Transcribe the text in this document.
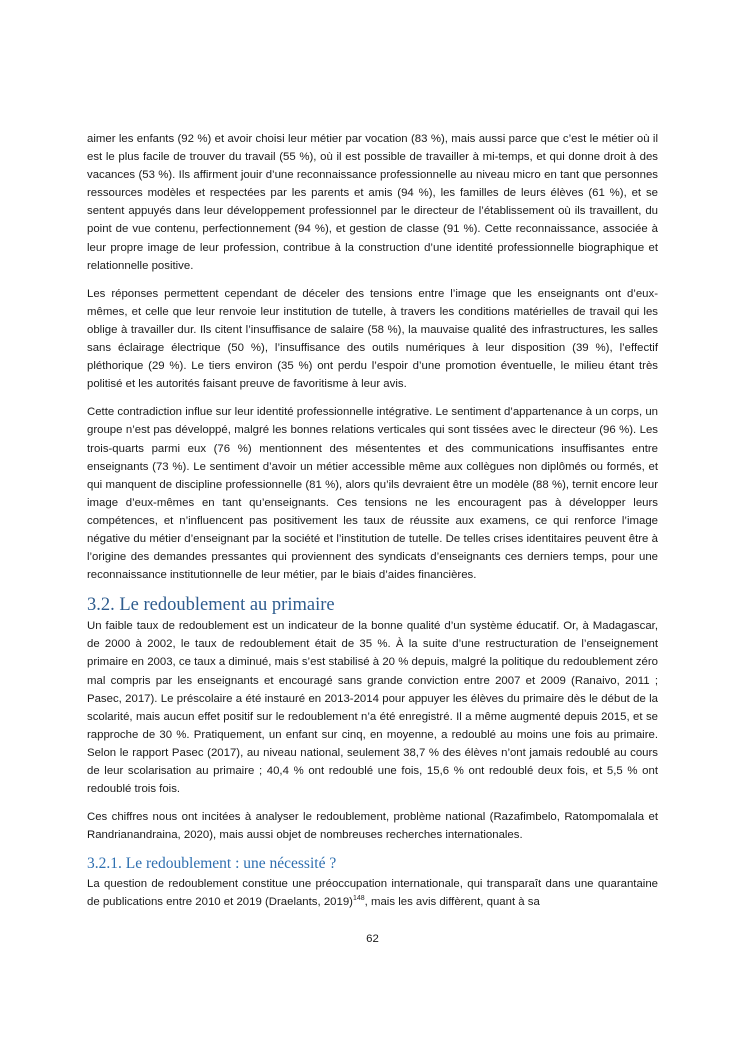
aimer les enfants (92 %) et avoir choisi leur métier par vocation (83 %), mais aussi parce que c’est le métier où il est le plus facile de trouver du travail (55 %), où il est possible de travailler à mi-temps, et qui donne droit à des vacances (53 %). Ils affirment jouir d’une reconnaissance professionnelle au niveau micro en tant que personnes ressources modèles et respectées par les parents et amis (94 %), les familles de leurs élèves (61 %), et se sentent appuyés dans leur développement professionnel par le directeur de l’établissement où ils travaillent, du point de vue contenu, perfectionnement (94 %), et gestion de classe (91 %). Cette reconnaissance, associée à leur propre image de leur profession, contribue à la construction d’une identité professionnelle biographique et relationnelle positive.

Les réponses permettent cependant de déceler des tensions entre l’image que les enseignants ont d’eux-mêmes, et celle que leur renvoie leur institution de tutelle, à travers les conditions matérielles de travail qui les oblige à travailler dur. Ils citent l’insuffisance de salaire (58 %), la mauvaise qualité des infrastructures, les salles sans éclairage électrique (50 %), l’insuffisance des outils numériques à leur disposition (39 %), l’effectif pléthorique (29 %). Le tiers environ (35 %) ont perdu l’espoir d’une promotion éventuelle, le milieu étant très politisé et les autorités faisant preuve de favoritisme à leur avis.

Cette contradiction influe sur leur identité professionnelle intégrative. Le sentiment d’appartenance à un corps, un groupe n’est pas développé, malgré les bonnes relations verticales qui sont tissées avec le directeur (96 %). Les trois-quarts parmi eux (76 %) mentionnent des mésententes et des communications insuffisantes entre enseignants (73 %). Le sentiment d’avoir un métier accessible même aux collègues non diplômés ou formés, et qui manquent de discipline professionnelle (81 %), alors qu’ils devraient être un modèle (88 %), ternit encore leur image d’eux-mêmes en tant qu’enseignants. Ces tensions ne les encouragent pas à développer leurs compétences, et n’influencent pas positivement les taux de réussite aux examens, ce qui renforce l’image négative du métier d’enseignant par la société et l’institution de tutelle. De telles crises identitaires peuvent être à l’origine des demandes pressantes qui proviennent des syndicats d’enseignants ces derniers temps, pour une reconnaissance institutionnelle de leur métier, par le biais d’aides financières.

3.2. Le redoublement au primaire

Un faible taux de redoublement est un indicateur de la bonne qualité d’un système éducatif. Or, à Madagascar, de 2000 à 2002, le taux de redoublement était de 35 %. À la suite d’une restructuration de l’enseignement primaire en 2003, ce taux a diminué, mais s’est stabilisé à 20 % depuis, malgré la politique du redoublement zéro mal compris par les enseignants et encouragé sans grande conviction entre 2007 et 2009 (Ranaivo, 2011 ; Pasec, 2017). Le préscolaire a été instauré en 2013-2014 pour appuyer les élèves du primaire dès le début de la scolarité, mais aucun effet positif sur le redoublement n’a été enregistré. Il a même augmenté depuis 2015, et se rapproche de 30 %. Pratiquement, un enfant sur cinq, en moyenne, a redoublé au moins une fois au primaire. Selon le rapport Pasec (2017), au niveau national, seulement 38,7 % des élèves n’ont jamais redoublé au cours de leur scolarisation au primaire ; 40,4 % ont redoublé une fois, 15,6 % ont redoublé deux fois, et 5,5 % ont redoublé trois fois.

Ces chiffres nous ont incitées à analyser le redoublement, problème national (Razafimbelo, Ratompomalala et Randrianandraina, 2020), mais aussi objet de nombreuses recherches internationales.

3.2.1. Le redoublement : une nécessité ?

La question de redoublement constitue une préoccupation internationale, qui transparaît dans une quarantaine de publications entre 2010 et 2019 (Draelants, 2019)$^{148}$, mais les avis diffèrent, quant à sa

62
